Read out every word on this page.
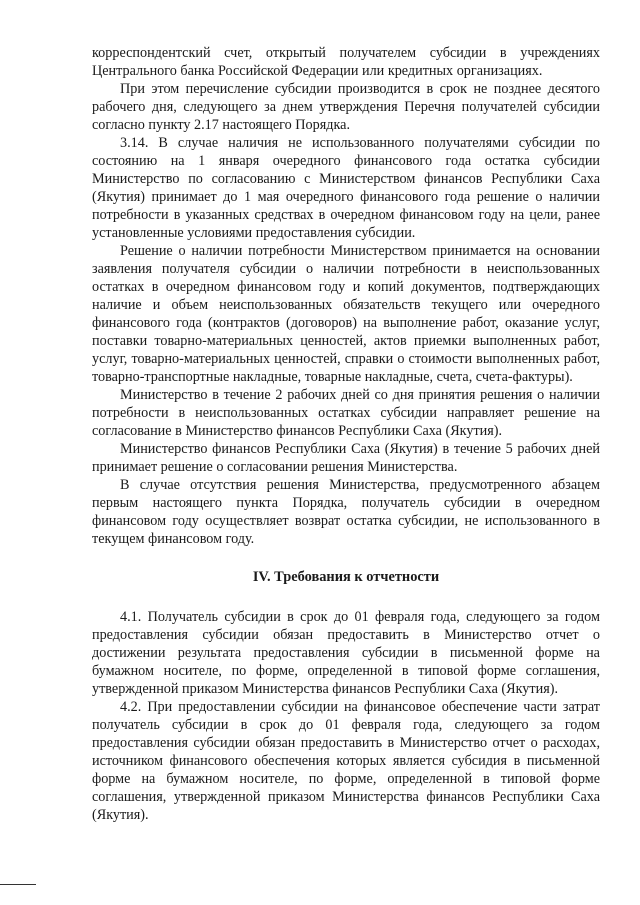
корреспондентский счет, открытый получателем субсидии в учреждениях Центрального банка Российской Федерации или кредитных организациях.

При этом перечисление субсидии производится в срок не позднее десятого рабочего дня, следующего за днем утверждения Перечня получателей субсидии согласно пункту 2.17 настоящего Порядка.

3.14. В случае наличия не использованного получателями субсидии по состоянию на 1 января очередного финансового года остатка субсидии Министерство по согласованию с Министерством финансов Республики Саха (Якутия) принимает до 1 мая очередного финансового года решение о наличии потребности в указанных средствах в очередном финансовом году на цели, ранее установленные условиями предоставления субсидии.

Решение о наличии потребности Министерством принимается на основании заявления получателя субсидии о наличии потребности в неиспользованных остатках в очередном финансовом году и копий документов, подтверждающих наличие и объем неиспользованных обязательств текущего или очередного финансового года (контрактов (договоров) на выполнение работ, оказание услуг, поставки товарно-материальных ценностей, актов приемки выполненных работ, услуг, товарно-материальных ценностей, справки о стоимости выполненных работ, товарно-транспортные накладные, товарные накладные, счета, счета-фактуры).

Министерство в течение 2 рабочих дней со дня принятия решения о наличии потребности в неиспользованных остатках субсидии направляет решение на согласование в Министерство финансов Республики Саха (Якутия).

Министерство финансов Республики Саха (Якутия) в течение 5 рабочих дней принимает решение о согласовании решения Министерства.

В случае отсутствия решения Министерства, предусмотренного абзацем первым настоящего пункта Порядка, получатель субсидии в очередном финансовом году осуществляет возврат остатка субсидии, не использованного в текущем финансовом году.

IV. Требования к отчетности

4.1. Получатель субсидии в срок до 01 февраля года, следующего за годом предоставления субсидии обязан предоставить в Министерство отчет о достижении результата предоставления субсидии в письменной форме на бумажном носителе, по форме, определенной в типовой форме соглашения, утвержденной приказом Министерства финансов Республики Саха (Якутия).

4.2. При предоставлении субсидии на финансовое обеспечение части затрат получатель субсидии в срок до 01 февраля года, следующего за годом предоставления субсидии обязан предоставить в Министерство отчет о расходах, источником финансового обеспечения которых является субсидия в письменной форме на бумажном носителе, по форме, определенной в типовой форме соглашения, утвержденной приказом Министерства финансов Республики Саха (Якутия).
